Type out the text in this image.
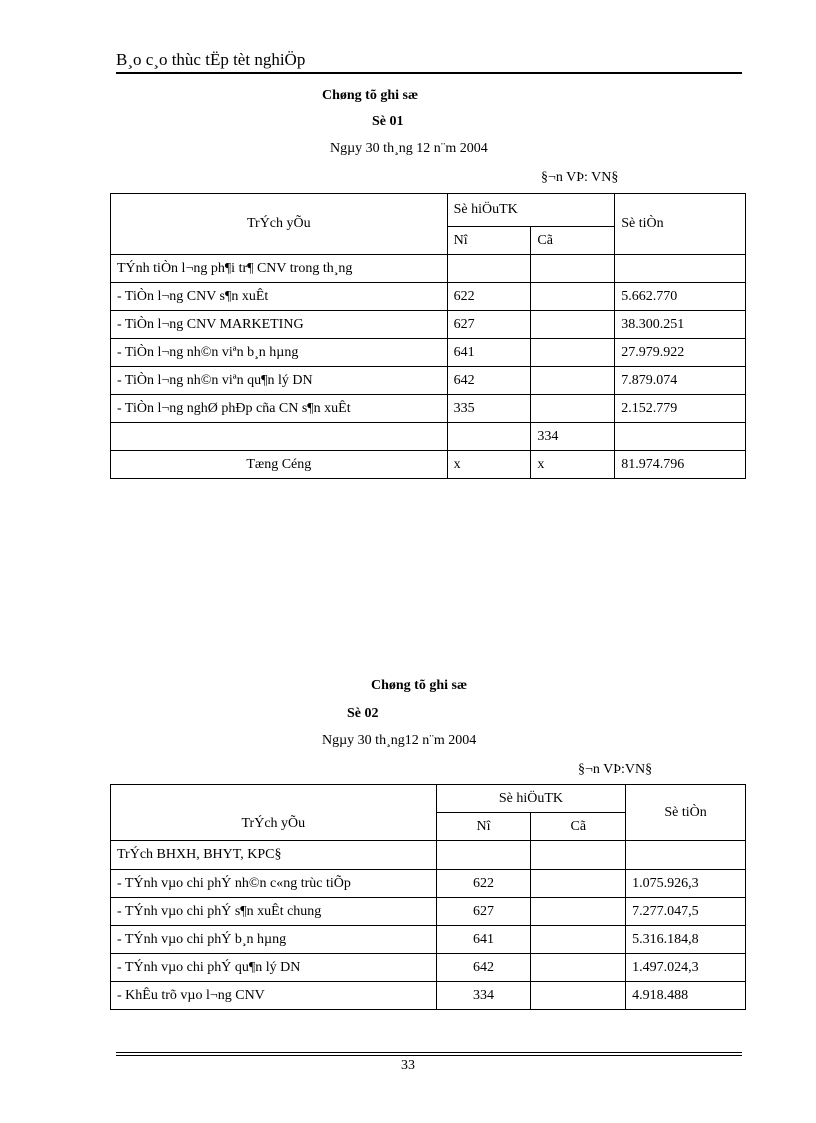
B¸o c¸o thùc tËp tèt nghiÖp
Chøng tõ ghi sæ
Sè 01
Ngµy 30 th¸ng 12 n¨m 2004
§¬n VÞ: VN§
TrÝch yÕu	Sè hiÖuTK		Sè tiÒn
	Nî	Cã	
TÝnh tiÒn l¬ng ph¶i tr¶ CNV trong th¸ng			
- TiÒn l¬ng CNV s¶n xuÊt	622		5.662.770
- TiÒn l¬ng CNV MARKETING	627		38.300.251
- TiÒn l¬ng nh©n viªn b¸n hµng	641		27.979.922
- TiÒn l¬ng nh©n viªn qu¶n lý DN	642		7.879.074
- TiÒn l¬ng nghØ phÐp cña CN s¶n xuÊt	335		2.152.779
		334	
Tæng Céng	x	x	81.974.796
Chøng tõ ghi sæ
Sè 02
Ngµy 30 th¸ng12 n¨m 2004
§¬n VÞ:VN§
TrÝch yÕu	Sè hiÖuTK		Sè tiÒn
	Nî	Cã	
TrÝch BHXH, BHYT, KPC§			
- TÝnh vµo chi phÝ nh©n c«ng trùc tiÕp	622		1.075.926,3
- TÝnh vµo chi phÝ s¶n xuÊt chung	627		7.277.047,5
- TÝnh vµo chi phÝ b¸n hµng	641		5.316.184,8
- TÝnh vµo chi phÝ qu¶n lý DN	642		1.497.024,3
- KhÊu trõ vµo l¬ng CNV	334		4.918.488
33
